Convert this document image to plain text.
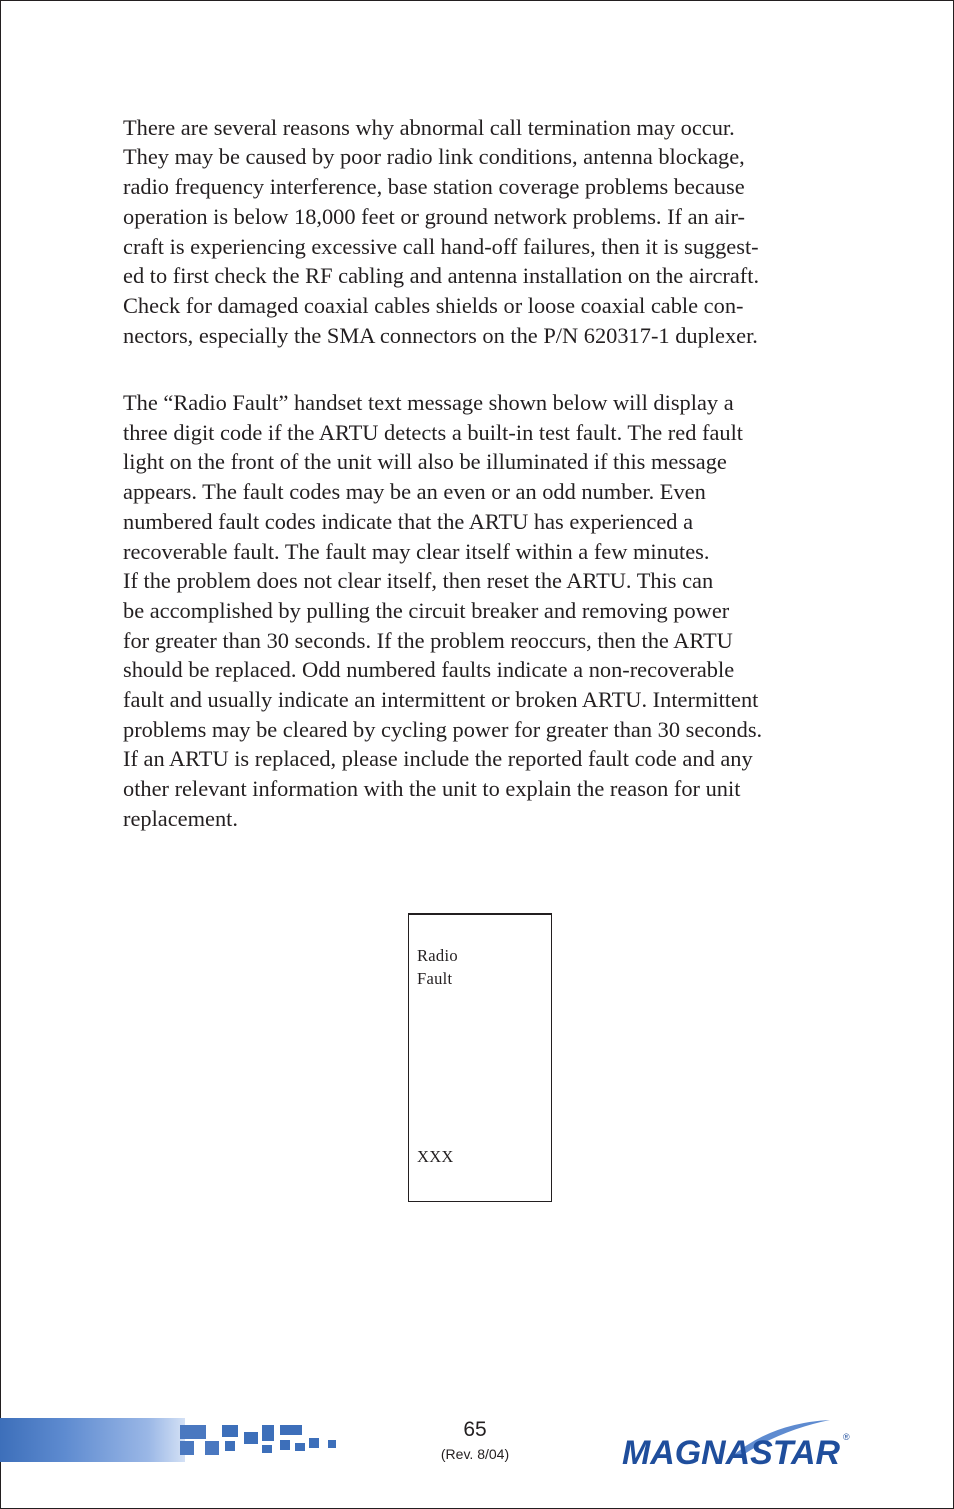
There are several reasons why abnormal call termination may occur.
They may be caused by poor radio link conditions, antenna blockage,
radio frequency interference, base station coverage problems because
operation is below 18,000 feet or ground network problems. If an air-
craft is experiencing excessive call hand-off failures, then it is suggest-
ed to first check the RF cabling and antenna installation on the aircraft.
Check for damaged coaxial cables shields or loose coaxial cable con-
nectors, especially the SMA connectors on the P/N 620317-1 duplexer.

The “Radio Fault” handset text message shown below will display a
three digit code if the ARTU detects a built-in test fault. The red fault
light on the front of the unit will also be illuminated if this message
appears. The fault codes may be an even or an odd number. Even
numbered fault codes indicate that the ARTU has experienced a
recoverable fault. The fault may clear itself within a few minutes.
If the problem does not clear itself, then reset the ARTU. This can
be accomplished by pulling the circuit breaker and removing power
for greater than 30 seconds. If the problem reoccurs, then the ARTU
should be replaced. Odd numbered faults indicate a non-recoverable
fault and usually indicate an intermittent or broken ARTU. Intermittent
problems may be cleared by cycling power for greater than 30 seconds.
If an ARTU is replaced, please include the reported fault code and any
other relevant information with the unit to explain the reason for unit
replacement.

Radio
Fault
XXX
65
(Rev. 8/04)	MAGNASTAR ®
